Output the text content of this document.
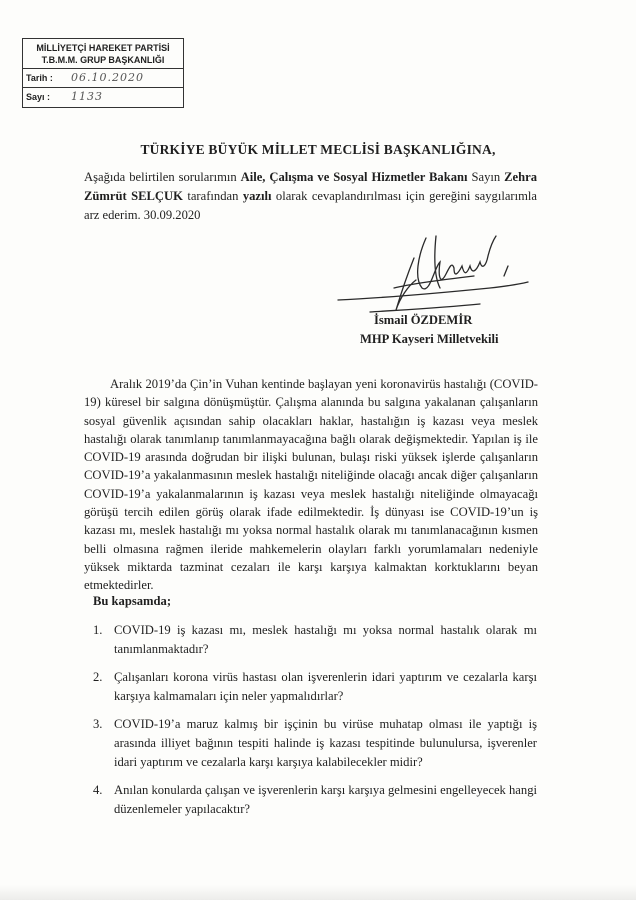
MİLLİYETÇİ HAREKET PARTİSİ
T.B.M.M. GRUP BAŞKANLIĞI
Tarih : 06.10.2020
Sayı : 1133
TÜRKİYE BÜYÜK MİLLET MECLİSİ BAŞKANLIĞINA,
Aşağıda belirtilen sorularımın Aile, Çalışma ve Sosyal Hizmetler Bakanı Sayın Zehra Zümrüt SELÇUK tarafından yazılı olarak cevaplandırılması için gereğini saygılarımla arz ederim. 30.09.2020
İsmail ÖZDEMİR
MHP Kayseri Milletvekili
Aralık 2019’da Çin’in Vuhan kentinde başlayan yeni koronavirüs hastalığı (COVID-19) küresel bir salgına dönüşmüştür. Çalışma alanında bu salgına yakalanan çalışanların sosyal güvenlik açısından sahip olacakları haklar, hastalığın iş kazası veya meslek hastalığı olarak tanımlanıp tanımlanmayacağına bağlı olarak değişmektedir. Yapılan iş ile COVID-19 arasında doğrudan bir ilişki bulunan, bulaşı riski yüksek işlerde çalışanların COVID-19’a yakalanmasının meslek hastalığı niteliğinde olacağı ancak diğer çalışanların COVID-19’a yakalanmalarının iş kazası veya meslek hastalığı niteliğinde olmayacağı görüşü tercih edilen görüş olarak ifade edilmektedir. İş dünyası ise COVID-19’un iş kazası mı, meslek hastalığı mı yoksa normal hastalık olarak mı tanımlanacağının kısmen belli olmasına rağmen ileride mahkemelerin olayları farklı yorumlamaları nedeniyle yüksek miktarda tazminat cezaları ile karşı karşıya kalmaktan korktuklarını beyan etmektedirler.
Bu kapsamda;
1. COVID-19 iş kazası mı, meslek hastalığı mı yoksa normal hastalık olarak mı tanımlanmaktadır?
2. Çalışanları korona virüs hastası olan işverenlerin idari yaptırım ve cezalarla karşı karşıya kalmamaları için neler yapmalıdırlar?
3. COVID-19’a maruz kalmış bir işçinin bu virüse muhatap olması ile yaptığı iş arasında illiyet bağının tespiti halinde iş kazası tespitinde bulunulursa, işverenler idari yaptırım ve cezalarla karşı karşıya kalabilecekler midir?
4. Anılan konularda çalışan ve işverenlerin karşı karşıya gelmesini engelleyecek hangi düzenlemeler yapılacaktır?
